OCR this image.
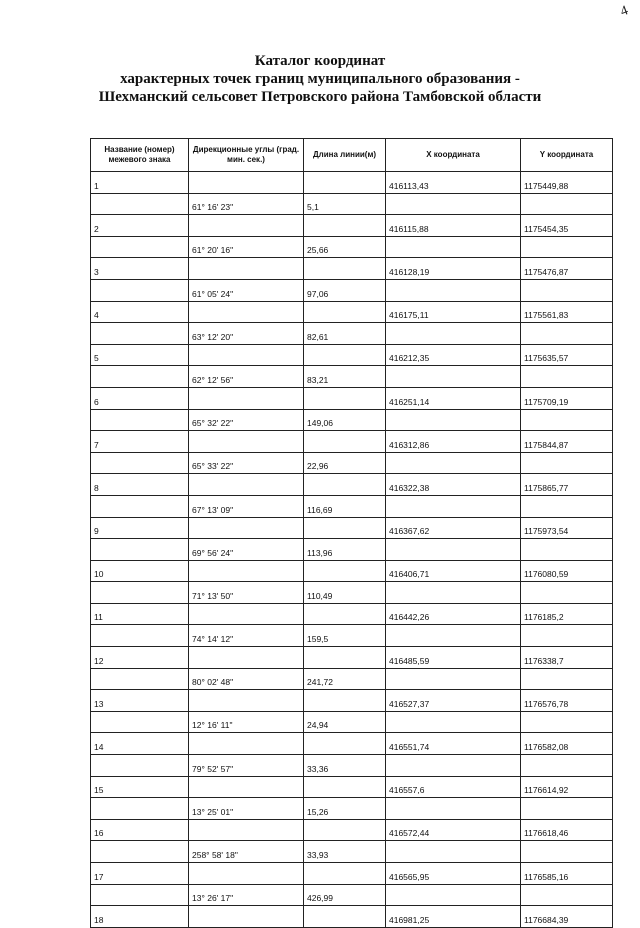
4
Каталог координат
характерных точек границ муниципального образования -
Шехманский сельсовет Петровского района Тамбовской области
Название (номер) межевого знака	Дирекционные углы (град. мин. сек.)	Длина линии(м)	X координата	Y координата
1			416113,43	1175449,88
	61° 16' 23"	5,1		
2			416115,88	1175454,35
	61° 20' 16"	25,66		
3			416128,19	1175476,87
	61° 05' 24"	97,06		
4			416175,11	1175561,83
	63° 12' 20"	82,61		
5			416212,35	1175635,57
	62° 12' 56"	83,21		
6			416251,14	1175709,19
	65° 32' 22"	149,06		
7			416312,86	1175844,87
	65° 33' 22"	22,96		
8			416322,38	1175865,77
	67° 13' 09"	116,69		
9			416367,62	1175973,54
	69° 56' 24"	113,96		
10			416406,71	1176080,59
	71° 13' 50"	110,49		
11			416442,26	1176185,2
	74° 14' 12"	159,5		
12			416485,59	1176338,7
	80° 02' 48"	241,72		
13			416527,37	1176576,78
	12° 16' 11"	24,94		
14			416551,74	1176582,08
	79° 52' 57"	33,36		
15			416557,6	1176614,92
	13° 25' 01"	15,26		
16			416572,44	1176618,46
	258° 58' 18"	33,93		
17			416565,95	1176585,16
	13° 26' 17"	426,99		
18			416981,25	1176684,39
